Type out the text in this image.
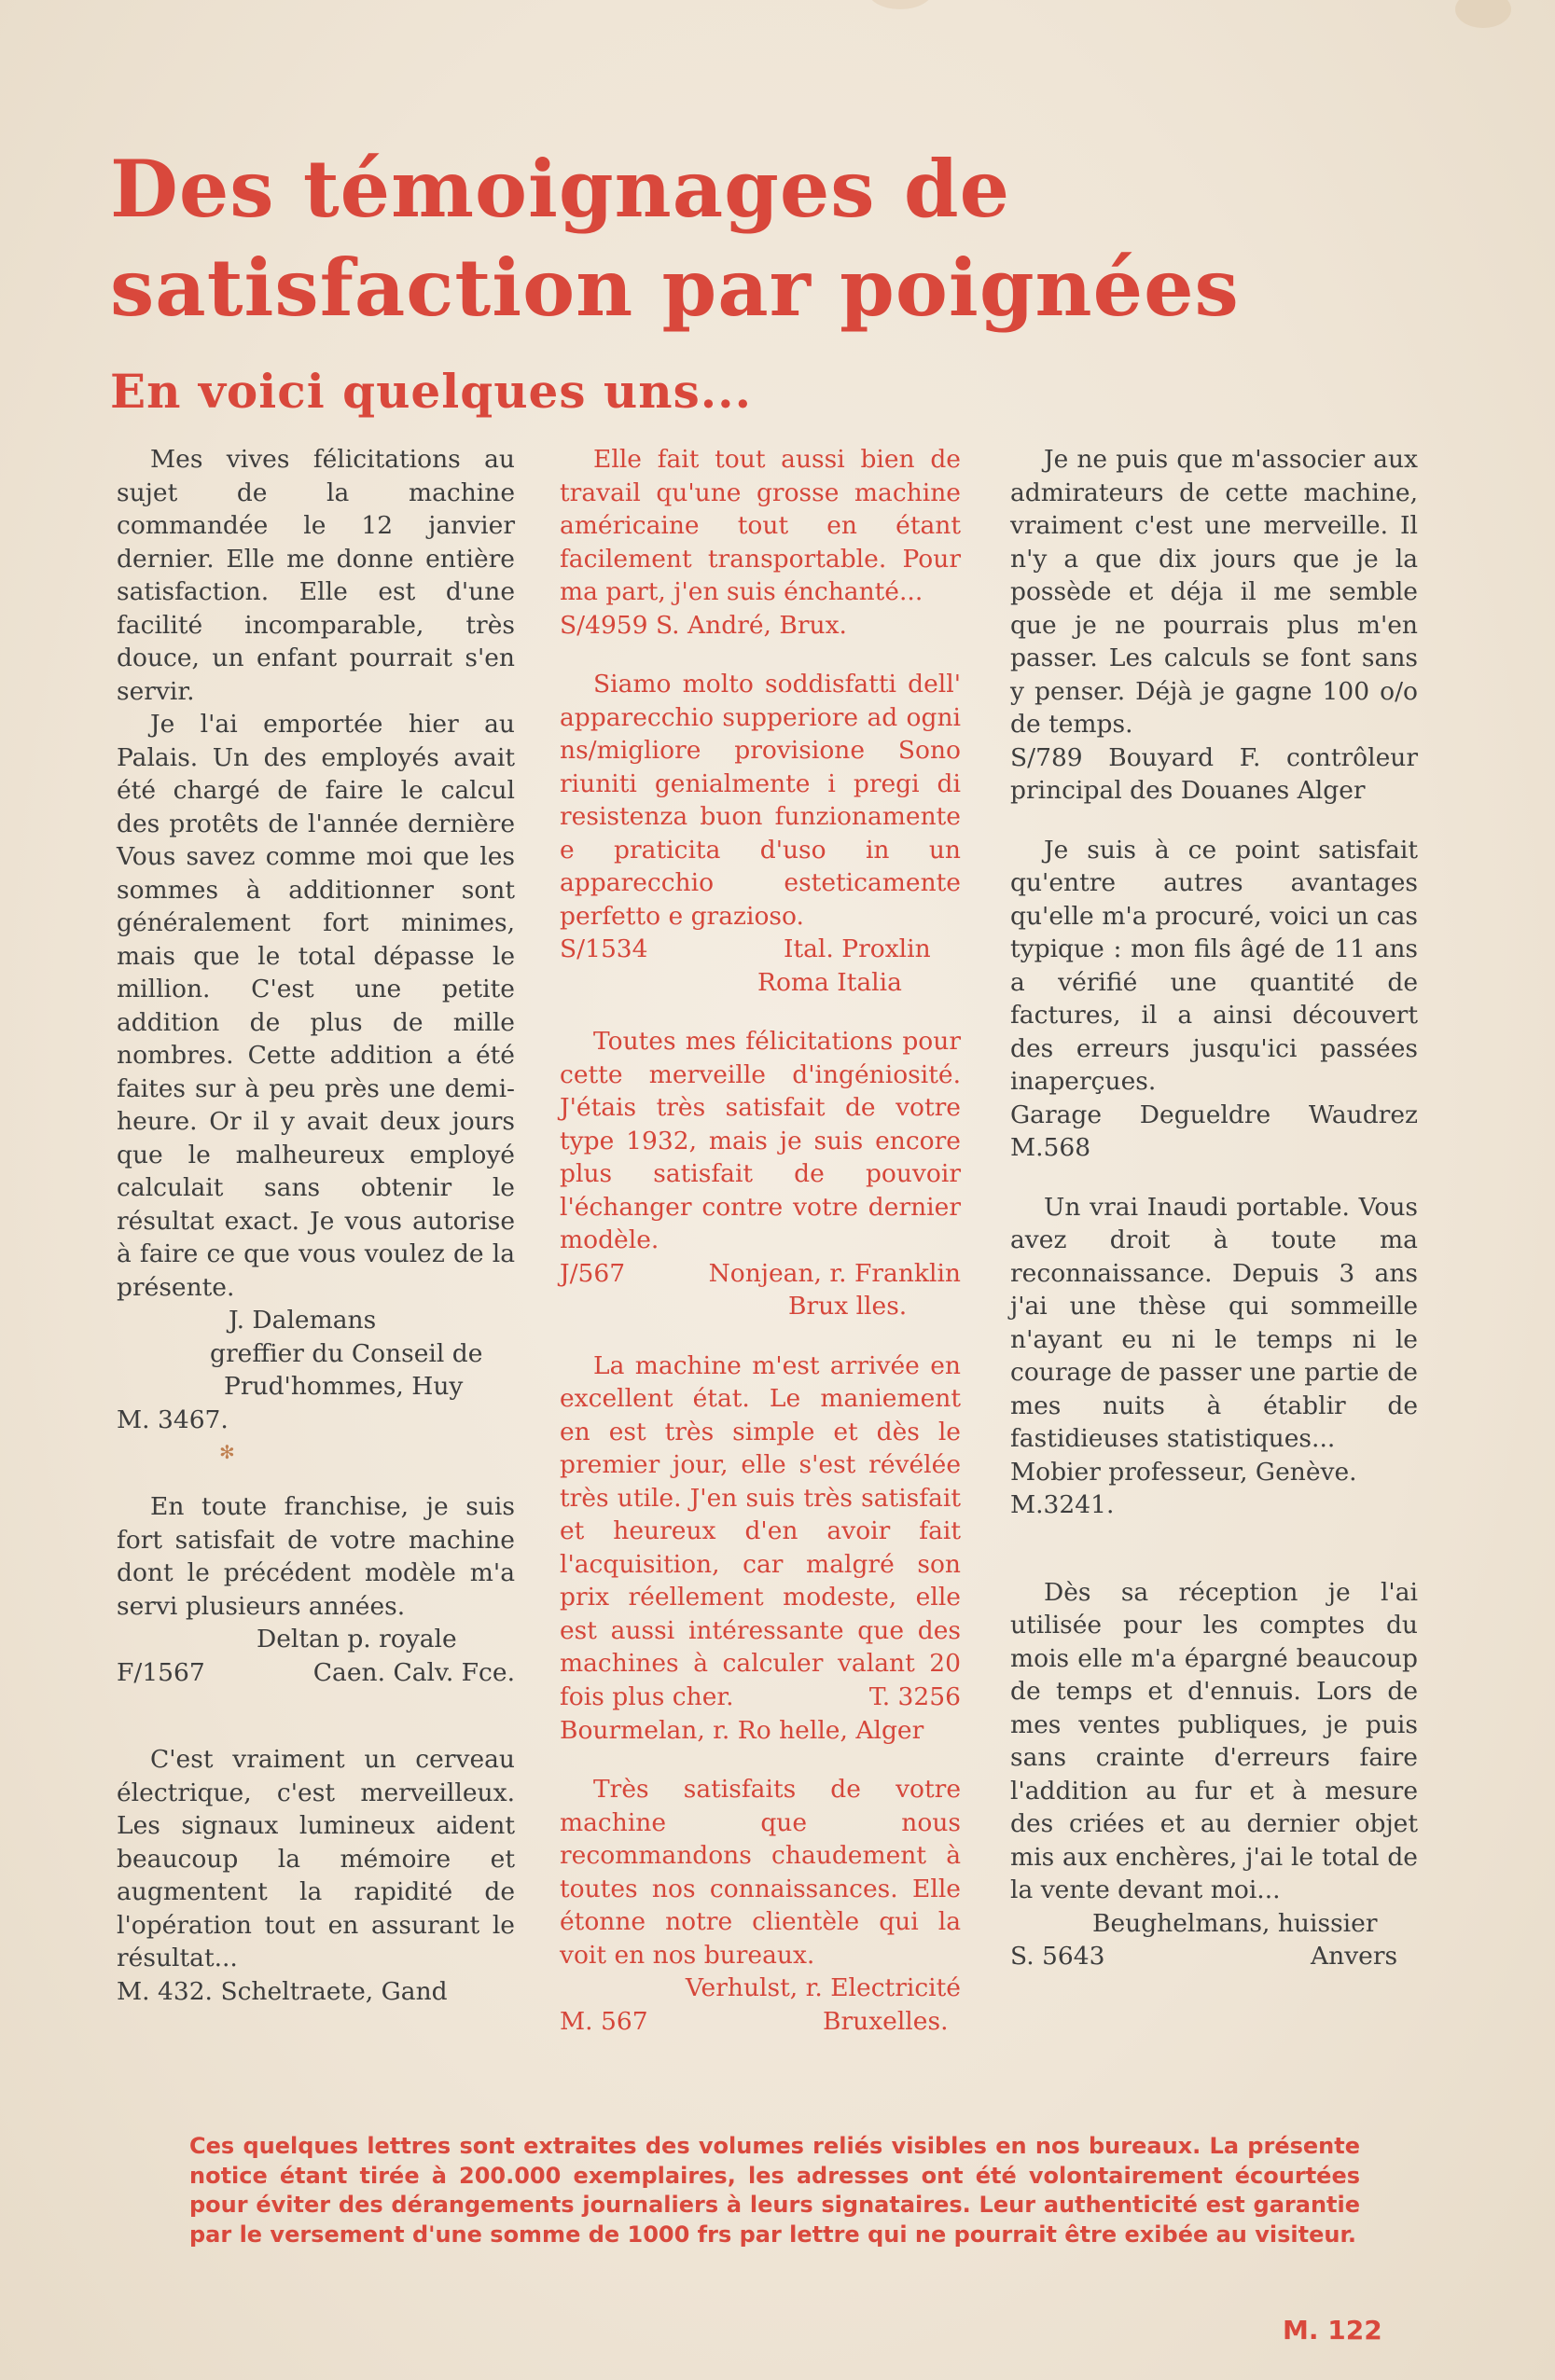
Des témoignages de
satisfaction par poignées
En voici quelques uns...

Mes vives félicitations au sujet de la machine commandée le 12 janvier dernier. Elle me donne entière satisfaction. Elle est d'une facilité incomparable, très douce, un enfant pourrait s'en servir.

Je l'ai emportée hier au Palais. Un des employés avait été chargé de faire le calcul des protêts de l'année dernière Vous savez comme moi que les sommes à additionner sont généralement fort minimes, mais que le total dépasse le million. C'est une petite addition de plus de mille nombres. Cette addition a été faites sur à peu près une demi-heure. Or il y avait deux jours que le malheureux employé calculait sans obtenir le résultat exact. Je vous autorise à faire ce que vous voulez de la présente.

J. Dalemans
greffier du Conseil de
Prud'hommes, Huy
M. 3467.
✻

En toute franchise, je suis fort satisfait de votre machine dont le précédent modèle m'a servi plusieurs années.

Deltan p. royale
F/1567	Caen. Calv. Fce.

C'est vraiment un cerveau électrique, c'est merveilleux. Les signaux lumineux aident beaucoup la mémoire et augmentent la rapidité de l'opération tout en assurant le résultat...

M. 432. Scheltraete, Gand

Elle fait tout aussi bien de travail qu'une grosse machine américaine tout en étant facilement transportable. Pour ma part, j'en suis énchanté...

S/4959 S. André, Brux.

Siamo molto soddisfatti dell' apparecchio supperiore ad ogni ns/migliore provisione Sono riuniti genialmente i pregi di resistenza buon funzionamente e praticita d'uso in un apparecchio esteticamente perfetto e grazioso.

S/1534	Ital. Proxlin
Roma Italia

Toutes mes félicitations pour cette merveille d'ingéniosité. J'étais très satisfait de votre type 1932, mais je suis encore plus satisfait de pouvoir l'échanger contre votre dernier modèle.

J/567	Nonjean, r. Franklin
Brux lles.

La machine m'est arrivée en excellent état. Le maniement en est très simple et dès le premier jour, elle s'est révélée très utile. J'en suis très satisfait et heureux d'en avoir fait l'acquisition, car malgré son prix réellement modeste, elle est aussi intéressante que des machines à calculer valant 20 fois plus cher.	T. 3256
Bourmelan, r. Ro helle, Alger

Très satisfaits de votre machine que nous recommandons chaudement à toutes nos connaissances. Elle étonne notre clientèle qui la voit en nos bureaux.

Verhulst, r. Electricité
M. 567	Bruxelles.

Je ne puis que m'associer aux admirateurs de cette machine, vraiment c'est une merveille. Il n'y a que dix jours que je la possède et déja il me semble que je ne pourrais plus m'en passer. Les calculs se font sans y penser. Déjà je gagne 100 o/o de temps.

S/789 Bouyard F. contrôleur principal des Douanes Alger

Je suis à ce point satisfait qu'entre autres avantages qu'elle m'a procuré, voici un cas typique : mon fils âgé de 11 ans a vérifié une quantité de factures, il a ainsi découvert des erreurs jusqu'ici passées inaperçues.

Garage Degueldre Waudrez
M.568

Un vrai Inaudi portable. Vous avez droit à toute ma reconnaissance. Depuis 3 ans j'ai une thèse qui sommeille n'ayant eu ni le temps ni le courage de passer une partie de mes nuits à établir de fastidieuses statistiques...

Mobier professeur, Genève.
M.3241.

Dès sa réception je l'ai utilisée pour les comptes du mois elle m'a épargné beaucoup de temps et d'ennuis. Lors de mes ventes publiques, je puis sans crainte d'erreurs faire l'addition au fur et à mesure des criées et au dernier objet mis aux enchères, j'ai le total de la vente devant moi...

Beughelmans, huissier
S. 5643	Anvers
Ces quelques lettres sont extraites des volumes reliés visibles en nos bureaux. La présente notice étant tirée à 200.000 exemplaires, les adresses ont été volontairement écourtées pour éviter des dérangements journaliers à leurs signataires. Leur authenticité est garantie par le versement d'une somme de 1000 frs par lettre qui ne pourrait être exibée au visiteur.
M. 122
